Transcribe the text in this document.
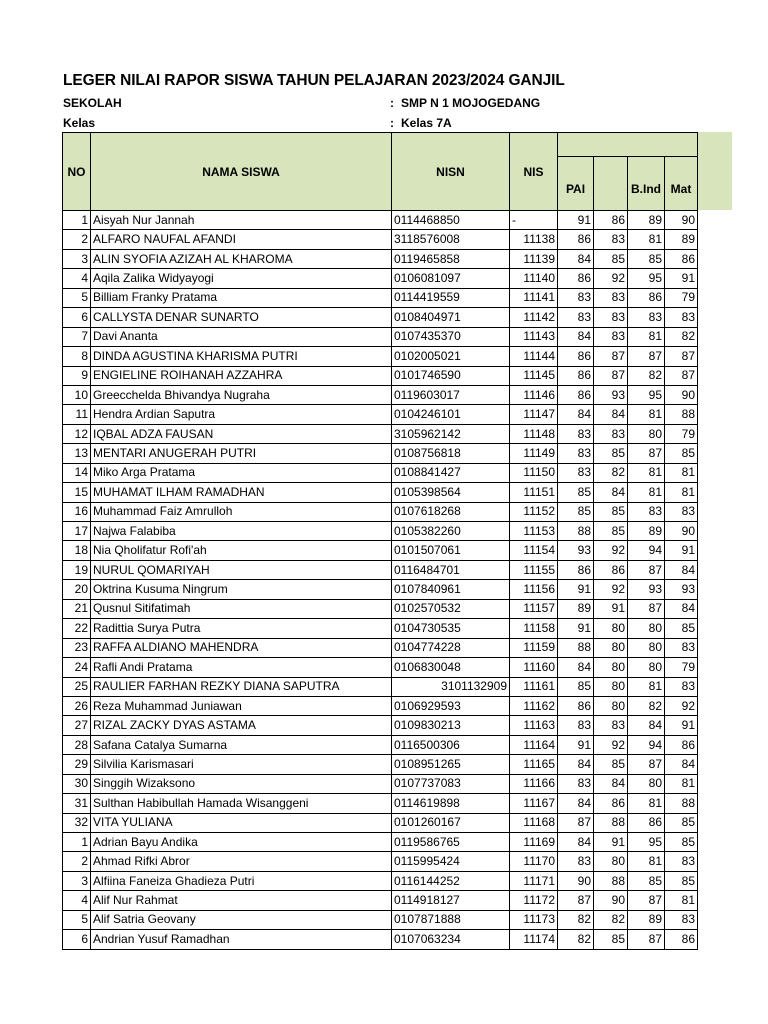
LEGER NILAI RAPOR SISWA TAHUN PELAJARAN 2023/2024 GANJIL
SEKOLAH	: SMP N 1 MOJOGEDANG
Kelas	: Kelas 7A
NO	NAMA SISWA	NISN	NIS				
				PAI		B.Ind	Mat
1	Aisyah Nur Jannah	0114468850	-	91	86	89	90
2	ALFARO NAUFAL AFANDI	3118576008	11138	86	83	81	89
3	ALIN SYOFIA AZIZAH AL KHAROMA	0119465858	11139	84	85	85	86
4	Aqila Zalika Widyayogi	0106081097	11140	86	92	95	91
5	Billiam Franky Pratama	0114419559	11141	83	83	86	79
6	CALLYSTA DENAR SUNARTO	0108404971	11142	83	83	83	83
7	Davi Ananta	0107435370	11143	84	83	81	82
8	DINDA AGUSTINA KHARISMA PUTRI	0102005021	11144	86	87	87	87
9	ENGIELINE ROIHANAH AZZAHRA	0101746590	11145	86	87	82	87
10	Greecchelda Bhivandya Nugraha	0119603017	11146	86	93	95	90
11	Hendra Ardian Saputra	0104246101	11147	84	84	81	88
12	IQBAL ADZA FAUSAN	3105962142	11148	83	83	80	79
13	MENTARI ANUGERAH PUTRI	0108756818	11149	83	85	87	85
14	Miko Arga Pratama	0108841427	11150	83	82	81	81
15	MUHAMAT ILHAM RAMADHAN	0105398564	11151	85	84	81	81
16	Muhammad Faiz Amrulloh	0107618268	11152	85	85	83	83
17	Najwa Falabiba	0105382260	11153	88	85	89	90
18	Nia Qholifatur Rofi'ah	0101507061	11154	93	92	94	91
19	NURUL QOMARIYAH	0116484701	11155	86	86	87	84
20	Oktrina Kusuma Ningrum	0107840961	11156	91	92	93	93
21	Qusnul Sitifatimah	0102570532	11157	89	91	87	84
22	Radittia Surya Putra	0104730535	11158	91	80	80	85
23	RAFFA ALDIANO MAHENDRA	0104774228	11159	88	80	80	83
24	Rafli Andi Pratama	0106830048	11160	84	80	80	79
25	RAULIER FARHAN REZKY DIANA SAPUTRA	3101132909	11161	85	80	81	83
26	Reza Muhammad Juniawan	0106929593	11162	86	80	82	92
27	RIZAL ZACKY DYAS ASTAMA	0109830213	11163	83	83	84	91
28	Safana Catalya Sumarna	0116500306	11164	91	92	94	86
29	Silvilia Karismasari	0108951265	11165	84	85	87	84
30	Singgih Wizaksono	0107737083	11166	83	84	80	81
31	Sulthan Habibullah Hamada Wisanggeni	0114619898	11167	84	86	81	88
32	VITA YULIANA	0101260167	11168	87	88	86	85
1	Adrian Bayu Andika	0119586765	11169	84	91	95	85
2	Ahmad Rifki Abror	0115995424	11170	83	80	81	83
3	Alfiina Faneiza Ghadieza Putri	0116144252	11171	90	88	85	85
4	Alif Nur Rahmat	0114918127	11172	87	90	87	81
5	Alif Satria Geovany	0107871888	11173	82	82	89	83
6	Andrian Yusuf Ramadhan	0107063234	11174	82	85	87	86
